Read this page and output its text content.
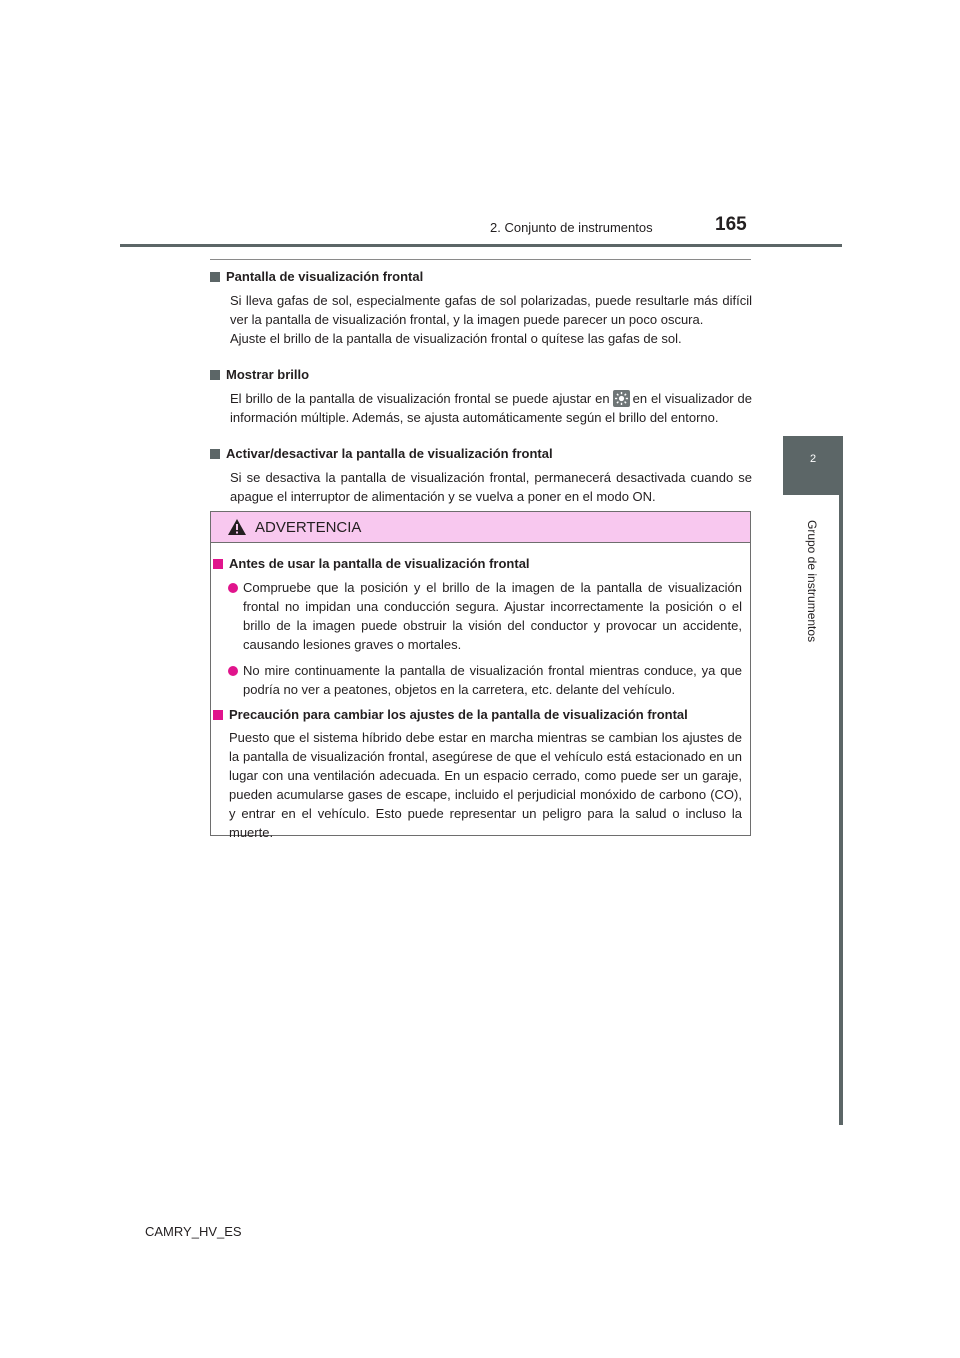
2. Conjunto de instrumentos	165
2
Grupo de instrumentos
Pantalla de visualización frontal

Si lleva gafas de sol, especialmente gafas de sol polarizadas, puede resultarle más difícil ver la pantalla de visualización frontal, y la imagen puede parecer un poco oscura.

Ajuste el brillo de la pantalla de visualización frontal o quítese las gafas de sol.

Mostrar brillo

El brillo de la pantalla de visualización frontal se puede ajustar en en el visualizador de información múltiple. Además, se ajusta automáticamente según el brillo del entorno.

Activar/desactivar la pantalla de visualización frontal

Si se desactiva la pantalla de visualización frontal, permanecerá desactivada cuando se apague el interruptor de alimentación y se vuelva a poner en el modo ON.

ADVERTENCIA
Antes de usar la pantalla de visualización frontal
Compruebe que la posición y el brillo de la imagen de la pantalla de visualización frontal no impidan una conducción segura. Ajustar incorrectamente la posición o el brillo de la imagen puede obstruir la visión del conductor y provocar un accidente, causando lesiones graves o mortales.
No mire continuamente la pantalla de visualización frontal mientras conduce, ya que podría no ver a peatones, objetos en la carretera, etc. delante del vehículo.
Precaución para cambiar los ajustes de la pantalla de visualización frontal
Puesto que el sistema híbrido debe estar en marcha mientras se cambian los ajustes de la pantalla de visualización frontal, asegúrese de que el vehículo está estacionado en un lugar con una ventilación adecuada. En un espacio cerrado, como puede ser un garaje, pueden acumularse gases de escape, incluido el perjudicial monóxido de carbono (CO), y entrar en el vehículo. Esto puede representar un peligro para la salud o incluso la muerte.
CAMRY_HV_ES
